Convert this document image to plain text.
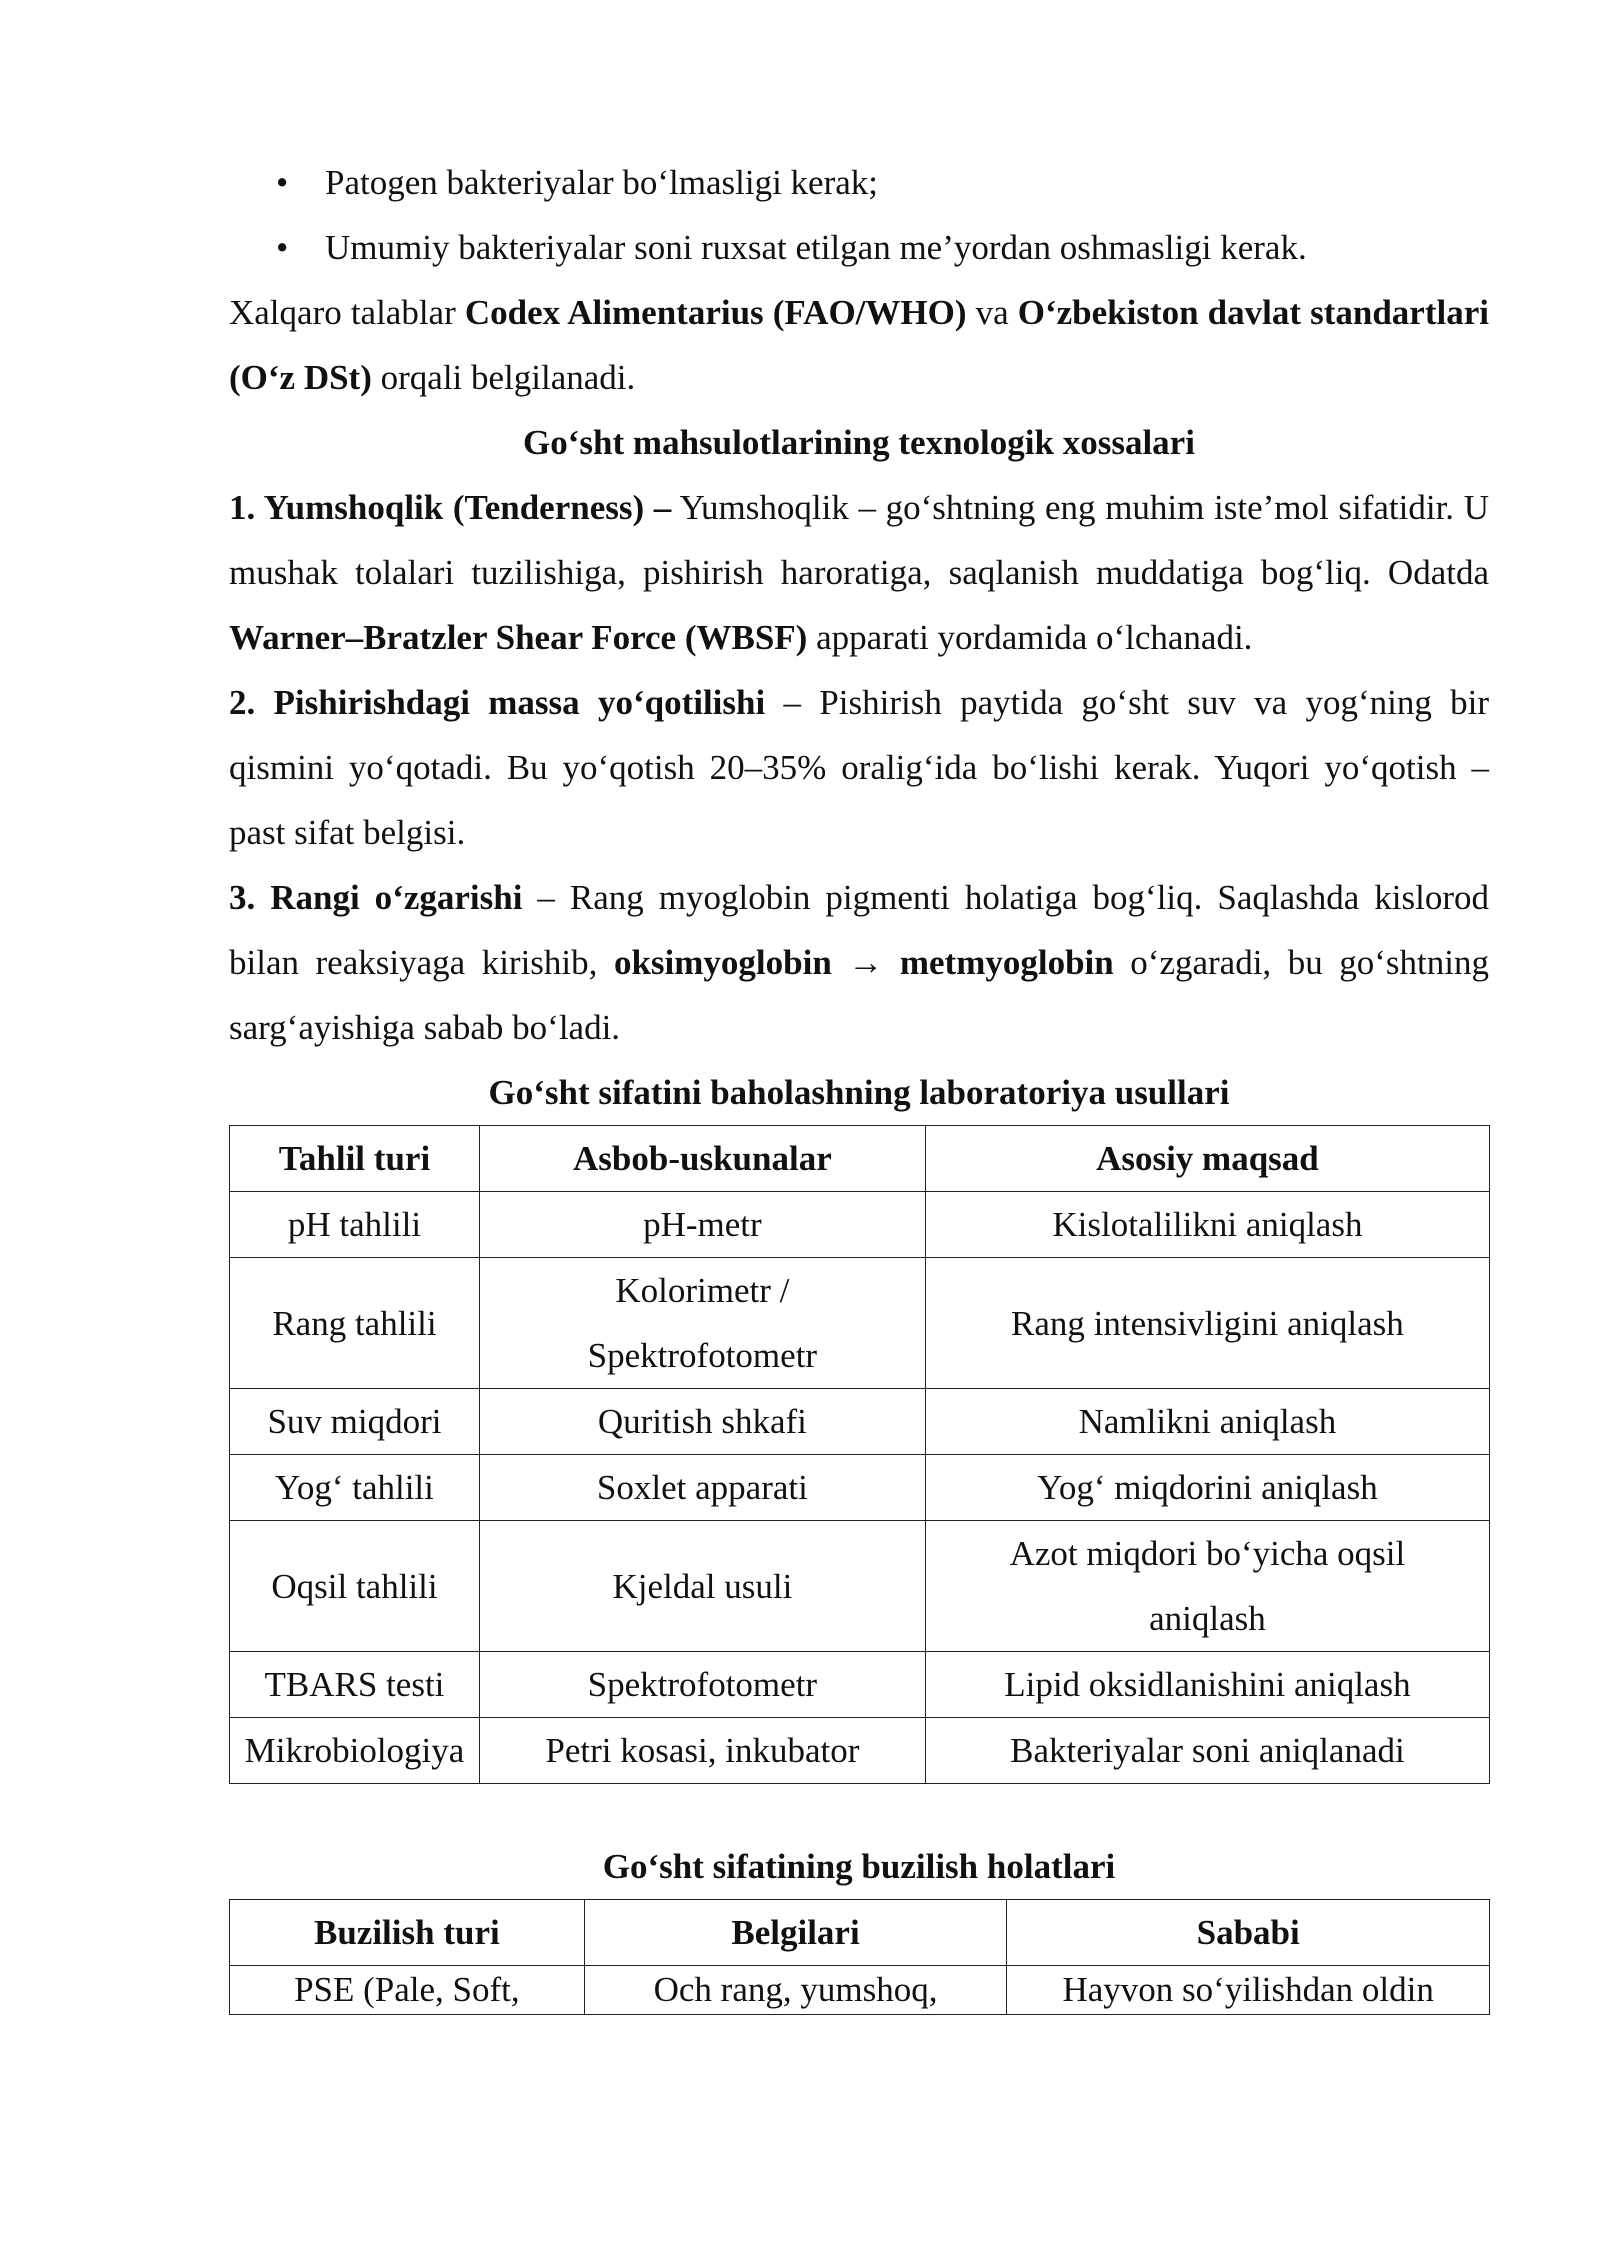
• Patogen bakteriyalar bo‘lmasligi kerak;
• Umumiy bakteriyalar soni ruxsat etilgan me’yordan oshmasligi kerak.

Xalqaro talablar Codex Alimentarius (FAO/WHO) va O‘zbekiston davlat standartlari (O‘z DSt) orqali belgilanadi.

Go‘sht mahsulotlarining texnologik xossalari

1. Yumshoqlik (Tenderness) – Yumshoqlik – go‘shtning eng muhim iste’mol sifatidir. U mushak tolalari tuzilishiga, pishirish haroratiga, saqlanish muddatiga bog‘liq. Odatda Warner–Bratzler Shear Force (WBSF) apparati yordamida o‘lchanadi.

2. Pishirishdagi massa yo‘qotilishi – Pishirish paytida go‘sht suv va yog‘ning bir qismini yo‘qotadi. Bu yo‘qotish 20–35% oralig‘ida bo‘lishi kerak. Yuqori yo‘qotish – past sifat belgisi.

3. Rangi o‘zgarishi – Rang myoglobin pigmenti holatiga bog‘liq. Saqlashda kislorod bilan reaksiyaga kirishib, oksimyoglobin → metmyoglobin o‘zgaradi, bu go‘shtning sarg‘ayishiga sabab bo‘ladi.

Go‘sht sifatini baholashning laboratoriya usullari

Tahlil turi	Asbob-uskunalar	Asosiy maqsad
pH tahlili	pH-metr	Kislotalilikni aniqlash
Rang tahlili	Kolorimetr / Spektrofotometr	Rang intensivligini aniqlash
Suv miqdori	Quritish shkafi	Namlikni aniqlash
Yog‘ tahlili	Soxlet apparati	Yog‘ miqdorini aniqlash
Oqsil tahlili	Kjeldal usuli	Azot miqdori bo‘yicha oqsil aniqlash
TBARS testi	Spektrofotometr	Lipid oksidlanishini aniqlash
Mikrobiologiya	Petri kosasi, inkubator	Bakteriyalar soni aniqlanadi

Go‘sht sifatining buzilish holatlari

Buzilish turi	Belgilari	Sababi
PSE (Pale, Soft,	Och rang, yumshoq,	Hayvon so‘yilishdan oldin
